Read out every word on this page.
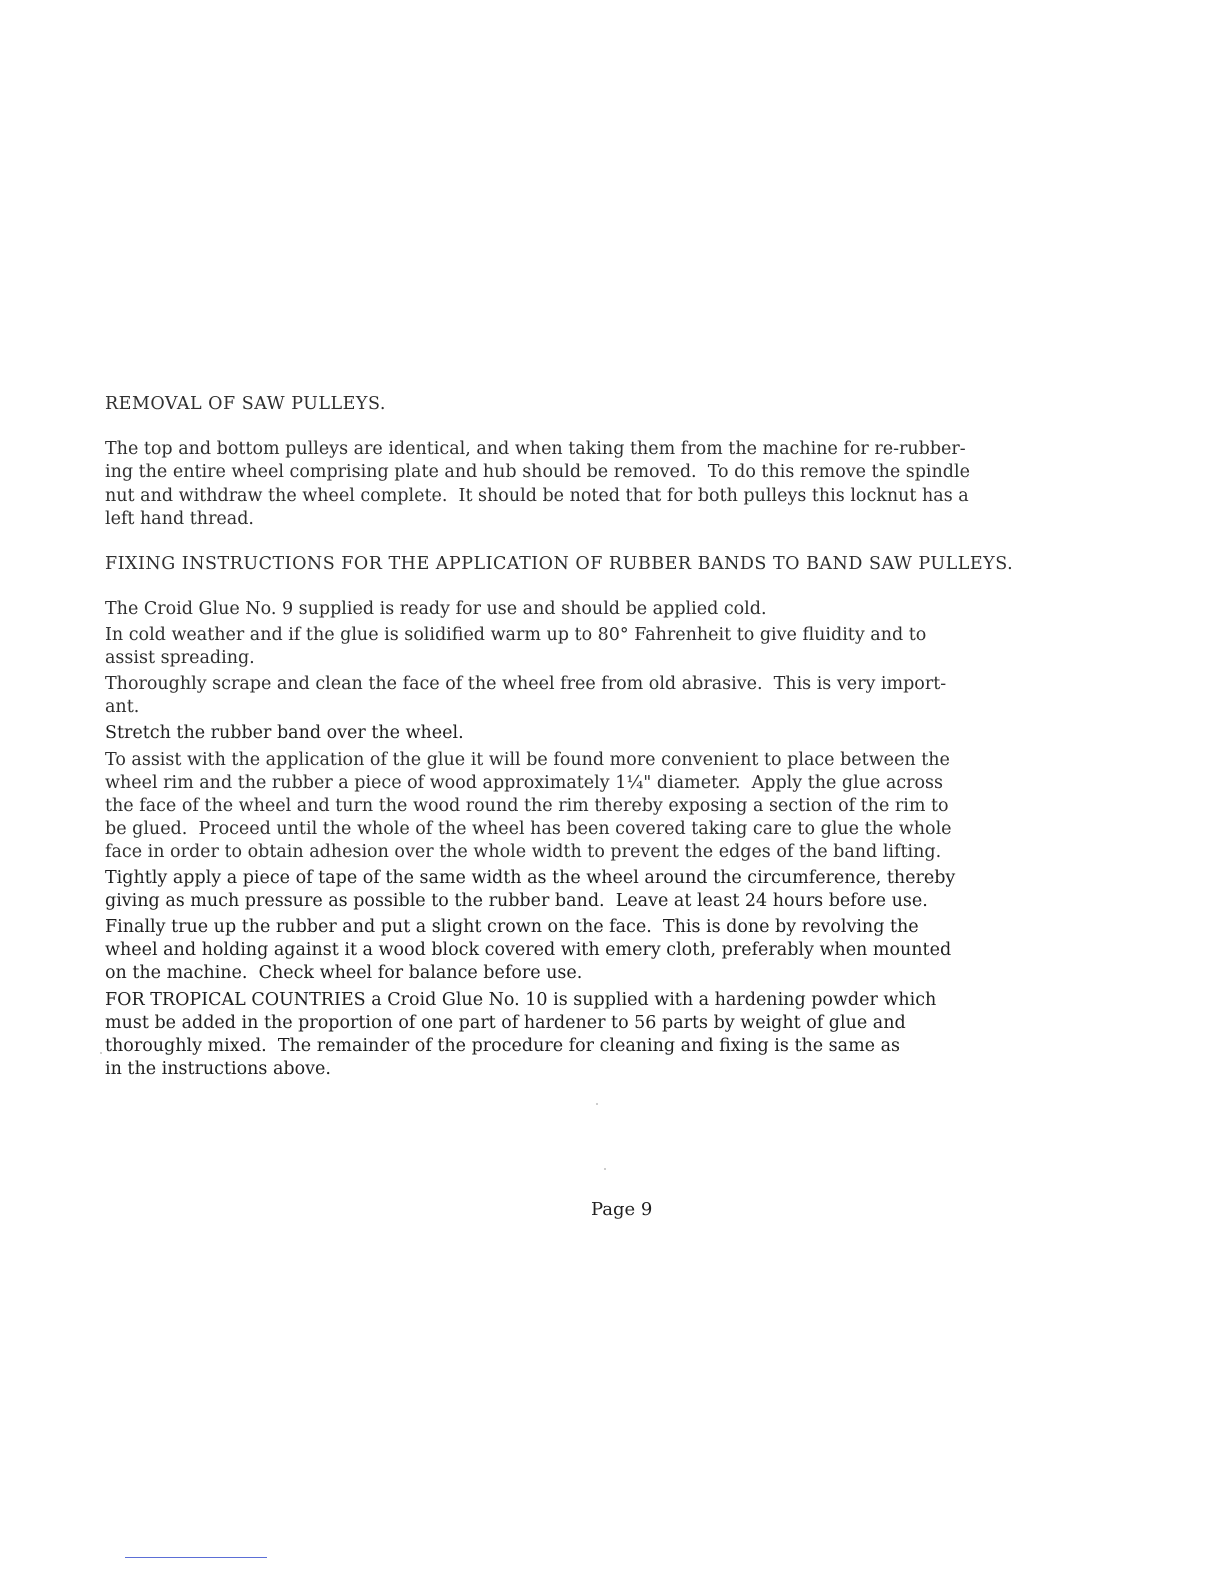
REMOVAL OF SAW PULLEYS.

The top and bottom pulleys are identical, and when taking them from the machine for re-rubber-
ing the entire wheel comprising plate and hub should be removed.  To do this remove the spindle
nut and withdraw the wheel complete.  It should be noted that for both pulleys this locknut has a
left hand thread.

FIXING INSTRUCTIONS FOR THE APPLICATION OF RUBBER BANDS TO BAND SAW PULLEYS.
The Croid Glue No. 9 supplied is ready for use and should be applied cold.
In cold weather and if the glue is solidified warm up to 80° Fahrenheit to give fluidity and to
assist spreading.
Thoroughly scrape and clean the face of the wheel free from old abrasive.  This is very import-
ant.
Stretch the rubber band over the wheel.
To assist with the application of the glue it will be found more convenient to place between the
wheel rim and the rubber a piece of wood approximately 1¼" diameter.  Apply the glue across
the face of the wheel and turn the wood round the rim thereby exposing a section of the rim to
be glued.  Proceed until the whole of the wheel has been covered taking care to glue the whole
face in order to obtain adhesion over the whole width to prevent the edges of the band lifting.
Tightly apply a piece of tape of the same width as the wheel around the circumference, thereby
giving as much pressure as possible to the rubber band.  Leave at least 24 hours before use.
Finally true up the rubber and put a slight crown on the face.  This is done by revolving the
wheel and holding against it a wood block covered with emery cloth, preferably when mounted
on the machine.  Check wheel for balance before use.
FOR TROPICAL COUNTRIES a Croid Glue No. 10 is supplied with a hardening powder which
must be added in the proportion of one part of hardener to 56 parts by weight of glue and
thoroughly mixed.  The remainder of the procedure for cleaning and fixing is the same as
in the instructions above.
Page 9
